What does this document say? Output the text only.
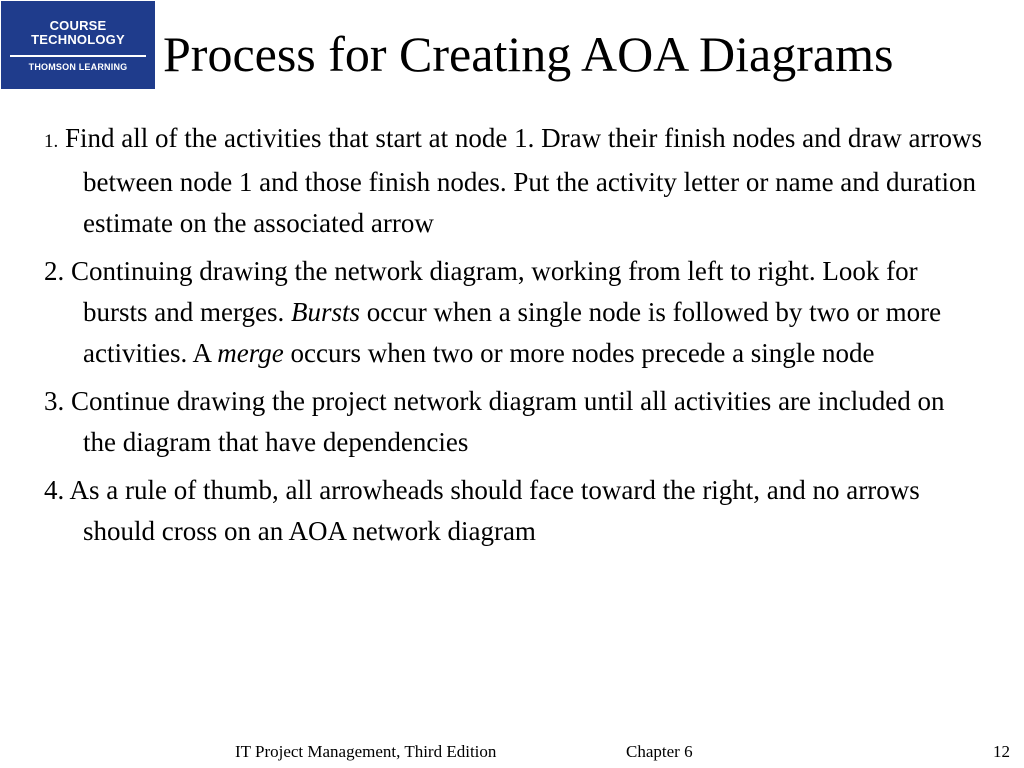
COURSE
TECHNOLOGY
THOMSON LEARNING Process for Creating AOA Diagrams

1. Find all of the activities that start at node 1. Draw their finish nodes and draw arrows between node 1 and those finish nodes. Put the activity letter or name and duration estimate on the associated arrow

2. Continuing drawing the network diagram, working from left to right. Look for bursts and merges. Bursts occur when a single node is followed by two or more activities. A merge occurs when two or more nodes precede a single node

3. Continue drawing the project network diagram until all activities are included on the diagram that have dependencies

4. As a rule of thumb, all arrowheads should face toward the right, and no arrows should cross on an AOA network diagram

IT Project Management, Third Edition	Chapter 6	12
